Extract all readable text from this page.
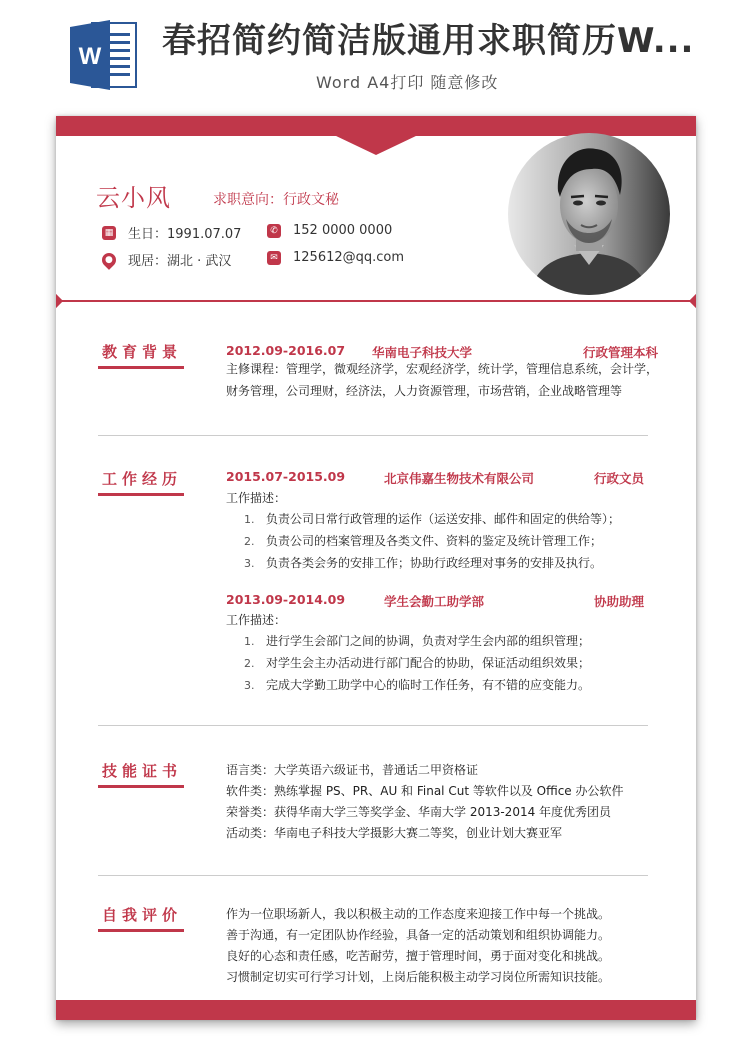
W 春招简约简洁版通用求职简历W...
Word A4打印 随意修改
云小风	求职意向：行政文秘
▦ 生日：1991.07.07	✆ 152 0000 0000
● 现居：湖北 · 武汉	✉ 125612@qq.com
教育背景	2012.09-2016.07 华南电子科技大学	行政管理本科
主修课程：管理学，微观经济学，宏观经济学，统计学，管理信息系统，会计学，
财务管理，公司理财，经济法，人力资源管理，市场营销，企业战略管理等
工作经历	2015.07-2015.09	北京伟嘉生物技术有限公司	行政文员
工作描述：
1. 负责公司日常行政管理的运作（运送安排、邮件和固定的供给等）；
2. 负责公司的档案管理及各类文件、资料的鉴定及统计管理工作；
3. 负责各类会务的安排工作；协助行政经理对事务的安排及执行。
2013.09-2014.09	学生会勤工助学部	协助助理
工作描述：
1. 进行学生会部门之间的协调，负责对学生会内部的组织管理；
2. 对学生会主办活动进行部门配合的协助，保证活动组织效果；
3. 完成大学勤工助学中心的临时工作任务，有不错的应变能力。
技能证书	语言类：大学英语六级证书，普通话二甲资格证
软件类：熟练掌握 PS、PR、AU 和 Final Cut 等软件以及 Office 办公软件
荣誉类：获得华南大学三等奖学金、华南大学 2013-2014 年度优秀团员
活动类：华南电子科技大学摄影大赛二等奖，创业计划大赛亚军
自我评价	作为一位职场新人，我以积极主动的工作态度来迎接工作中每一个挑战。
善于沟通，有一定团队协作经验，具备一定的活动策划和组织协调能力。
良好的心态和责任感，吃苦耐劳，擅于管理时间，勇于面对变化和挑战。
习惯制定切实可行学习计划，上岗后能积极主动学习岗位所需知识技能。
